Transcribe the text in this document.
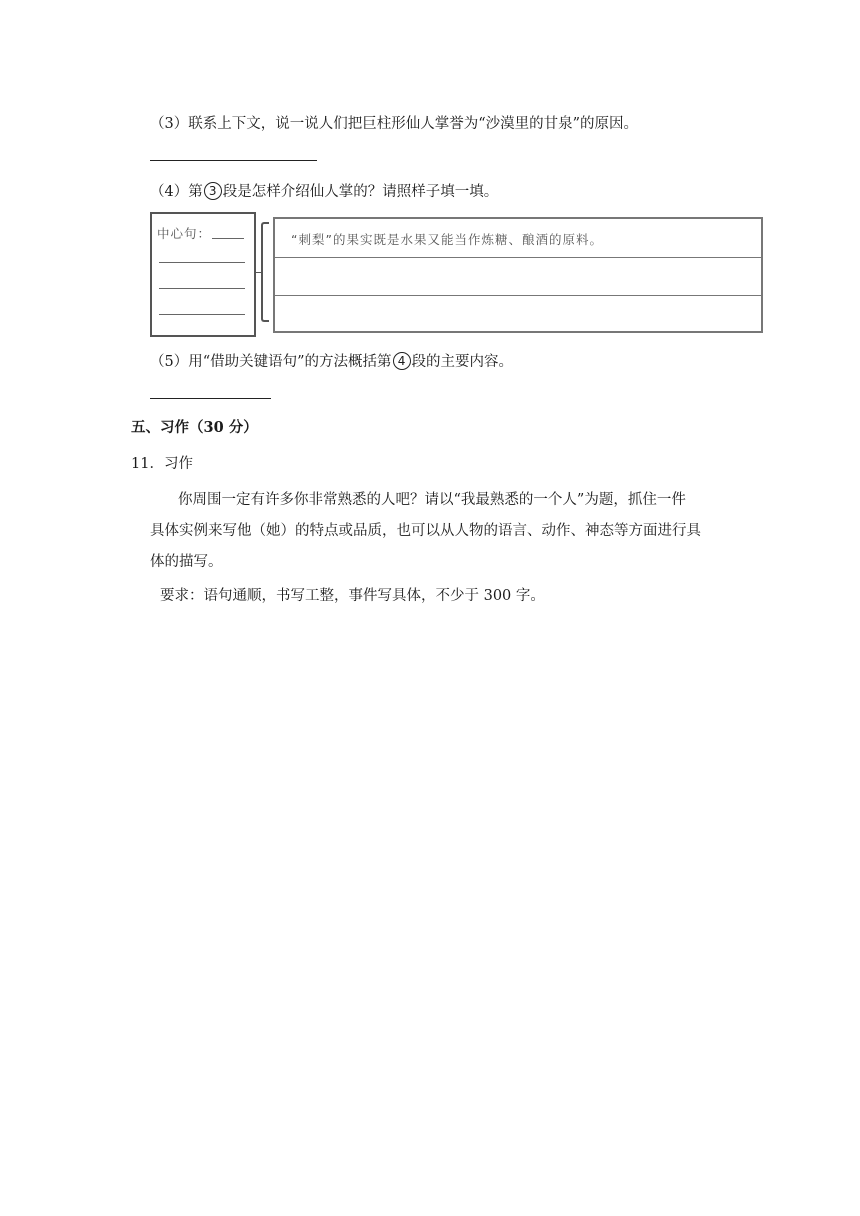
（3）联系上下文，说一说人们把巨柱形仙人掌誉为“沙漠里的甘泉”的原因。
（4）第 3 段是怎样介绍仙人掌的？请照样子填一填。
中心句：	“刺梨”的果实既是水果又能当作炼糖、酿酒的原料。
（5）用“借助关键语句”的方法概括第 4 段的主要内容。
五、习作（30 分）
11．习作
你周围一定有许多你非常熟悉的人吧？请以“我最熟悉的一个人”为题，抓住一件
具体实例来写他（她）的特点或品质，也可以从人物的语言、动作、神态等方面进行具
体的描写。
要求：语句通顺，书写工整，事件写具体，不少于 300 字。
